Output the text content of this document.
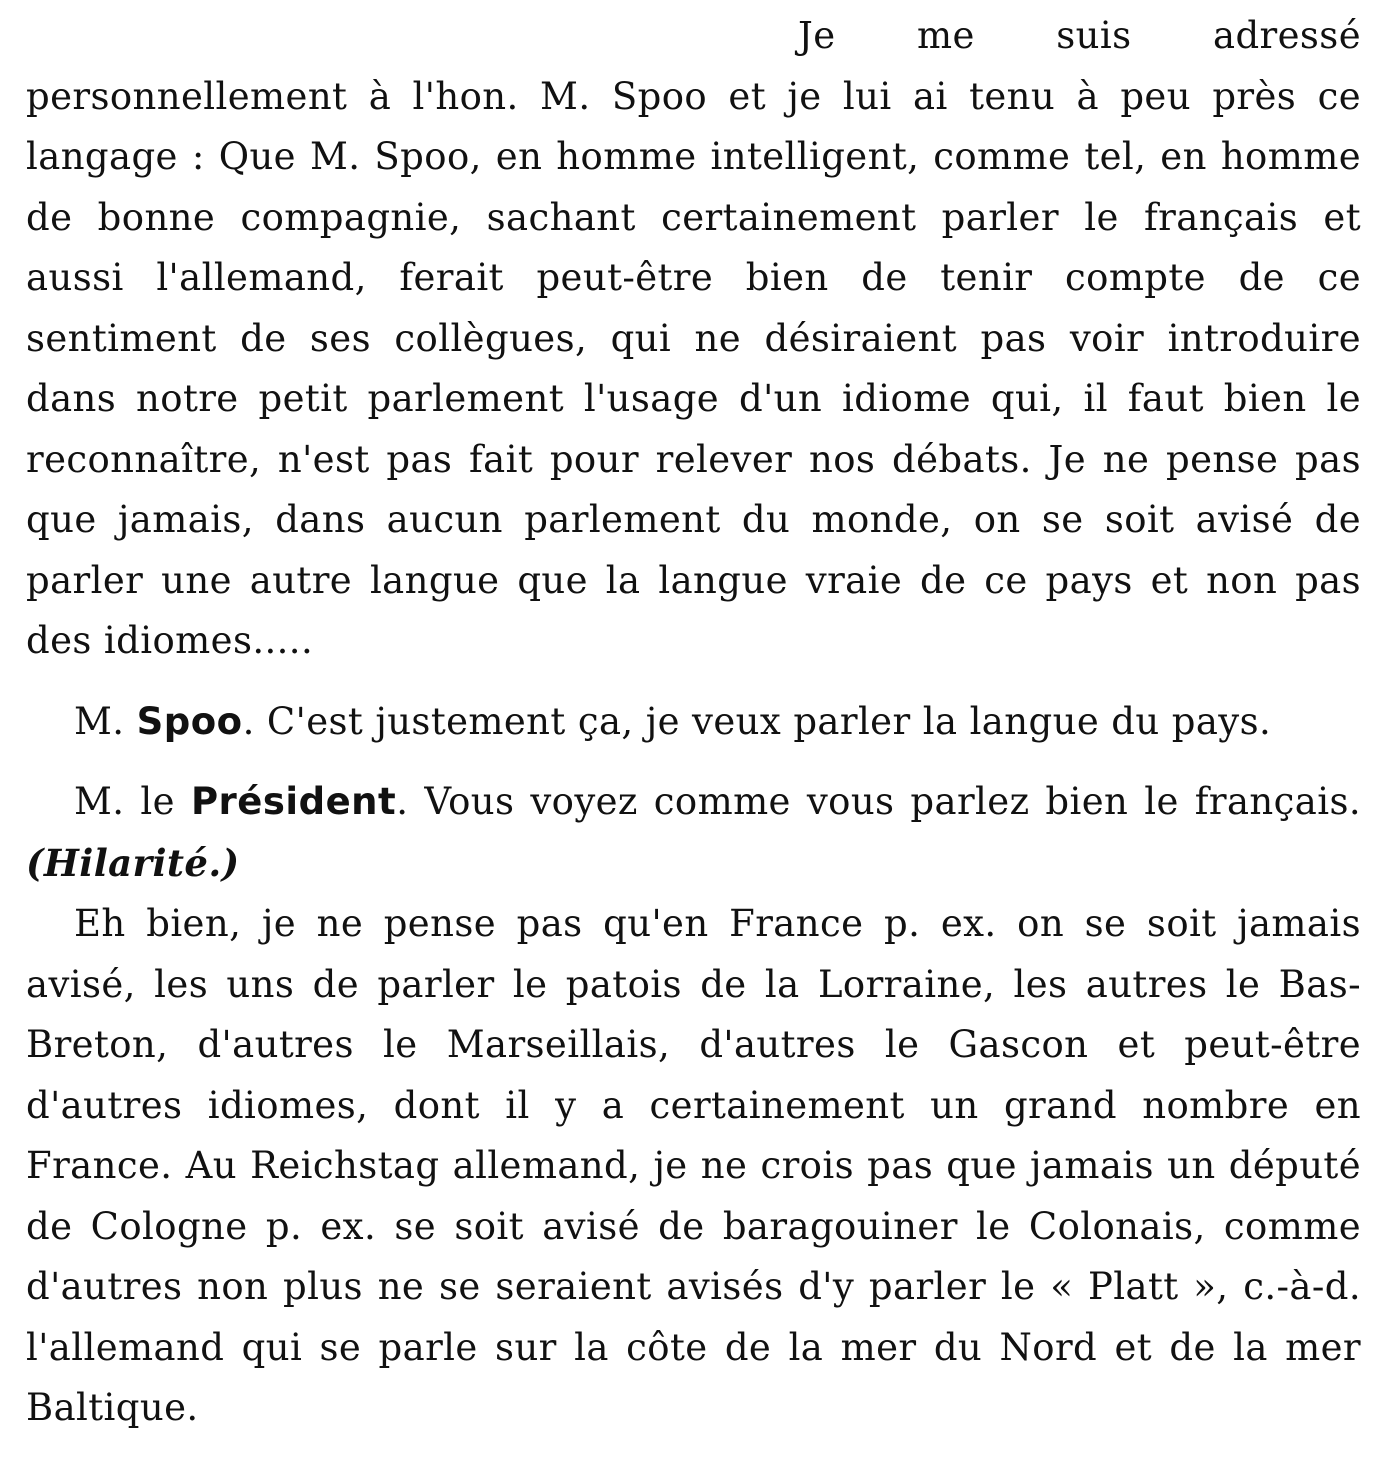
Je me suis adressé personnellement à l'hon. M. Spoo et je lui ai tenu à peu près ce langage : Que M. Spoo, en homme intelligent, comme tel, en homme de bonne compagnie, sachant certainement parler le français et aussi l'allemand, ferait peut-être bien de tenir compte de ce sentiment de ses collègues, qui ne désiraient pas voir introduire dans notre petit parlement l'usage d'un idiome qui, il faut bien le reconnaître, n'est pas fait pour relever nos débats. Je ne pense pas que jamais, dans aucun parlement du monde, on se soit avisé de parler une autre langue que la langue vraie de ce pays et non pas des idiomes.....

M. Spoo. C'est justement ça, je veux parler la langue du pays.

M. le Président. Vous voyez comme vous parlez bien le français. (Hilarité.)

Eh bien, je ne pense pas qu'en France p. ex. on se soit jamais avisé, les uns de parler le patois de la Lorraine, les autres le Bas-Breton, d'autres le Marseillais, d'autres le Gascon et peut-être d'autres idiomes, dont il y a certainement un grand nombre en France. Au Reichstag allemand, je ne crois pas que jamais un député de Cologne p. ex. se soit avisé de baragouiner le Colonais, comme d'autres non plus ne se seraient avisés d'y parler le « Platt », c.-à-d. l'allemand qui se parle sur la côte de la mer du Nord et de la mer Baltique.
